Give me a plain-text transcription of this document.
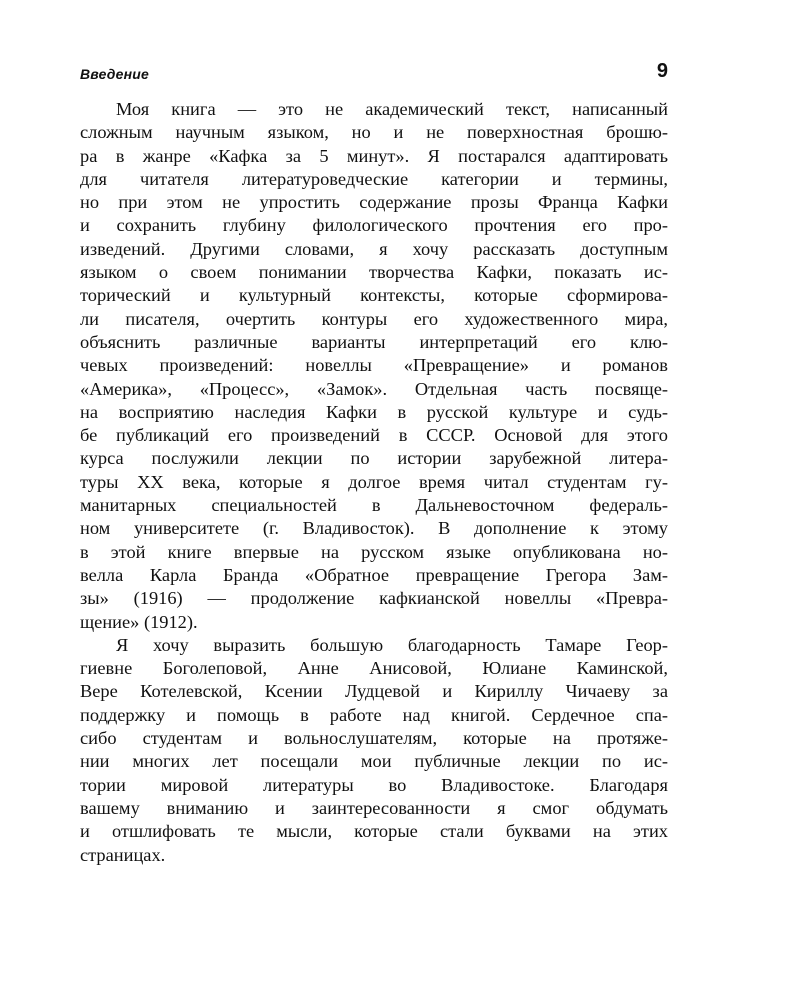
Введение	9

Моя книга — это не академический текст, написанный
сложным научным языком, но и не поверхностная брошю-
ра в жанре «Кафка за 5 минут». Я постарался адаптировать
для читателя литературоведческие категории и термины,
но при этом не упростить содержание прозы Франца Кафки
и сохранить глубину филологического прочтения его про-
изведений. Другими словами, я хочу рассказать доступным
языком о своем понимании творчества Кафки, показать ис-
торический и культурный контексты, которые сформирова-
ли писателя, очертить контуры его художественного мира,
объяснить различные варианты интерпретаций его клю-
чевых произведений: новеллы «Превращение» и романов
«Америка», «Процесс», «Замок». Отдельная часть посвяще-
на восприятию наследия Кафки в русской культуре и судь-
бе публикаций его произведений в СССР. Основой для этого
курса послужили лекции по истории зарубежной литера-
туры XX века, которые я долгое время читал студентам гу-
манитарных специальностей в Дальневосточном федераль-
ном университете (г. Владивосток). В дополнение к этому
в этой книге впервые на русском языке опубликована но-
велла Карла Бранда «Обратное превращение Грегора Зам-
зы» (1916) — продолжение кафкианской новеллы «Превра-
щение» (1912).

Я хочу выразить большую благодарность Тамаре Геор-
гиевне Боголеповой, Анне Анисовой, Юлиане Каминской,
Вере Котелевской, Ксении Лудцевой и Кириллу Чичаеву за
поддержку и помощь в работе над книгой. Сердечное спа-
сибо студентам и вольнослушателям, которые на протяже-
нии многих лет посещали мои публичные лекции по ис-
тории мировой литературы во Владивостоке. Благодаря
вашему вниманию и заинтересованности я смог обдумать
и отшлифовать те мысли, которые стали буквами на этих
страницах.
